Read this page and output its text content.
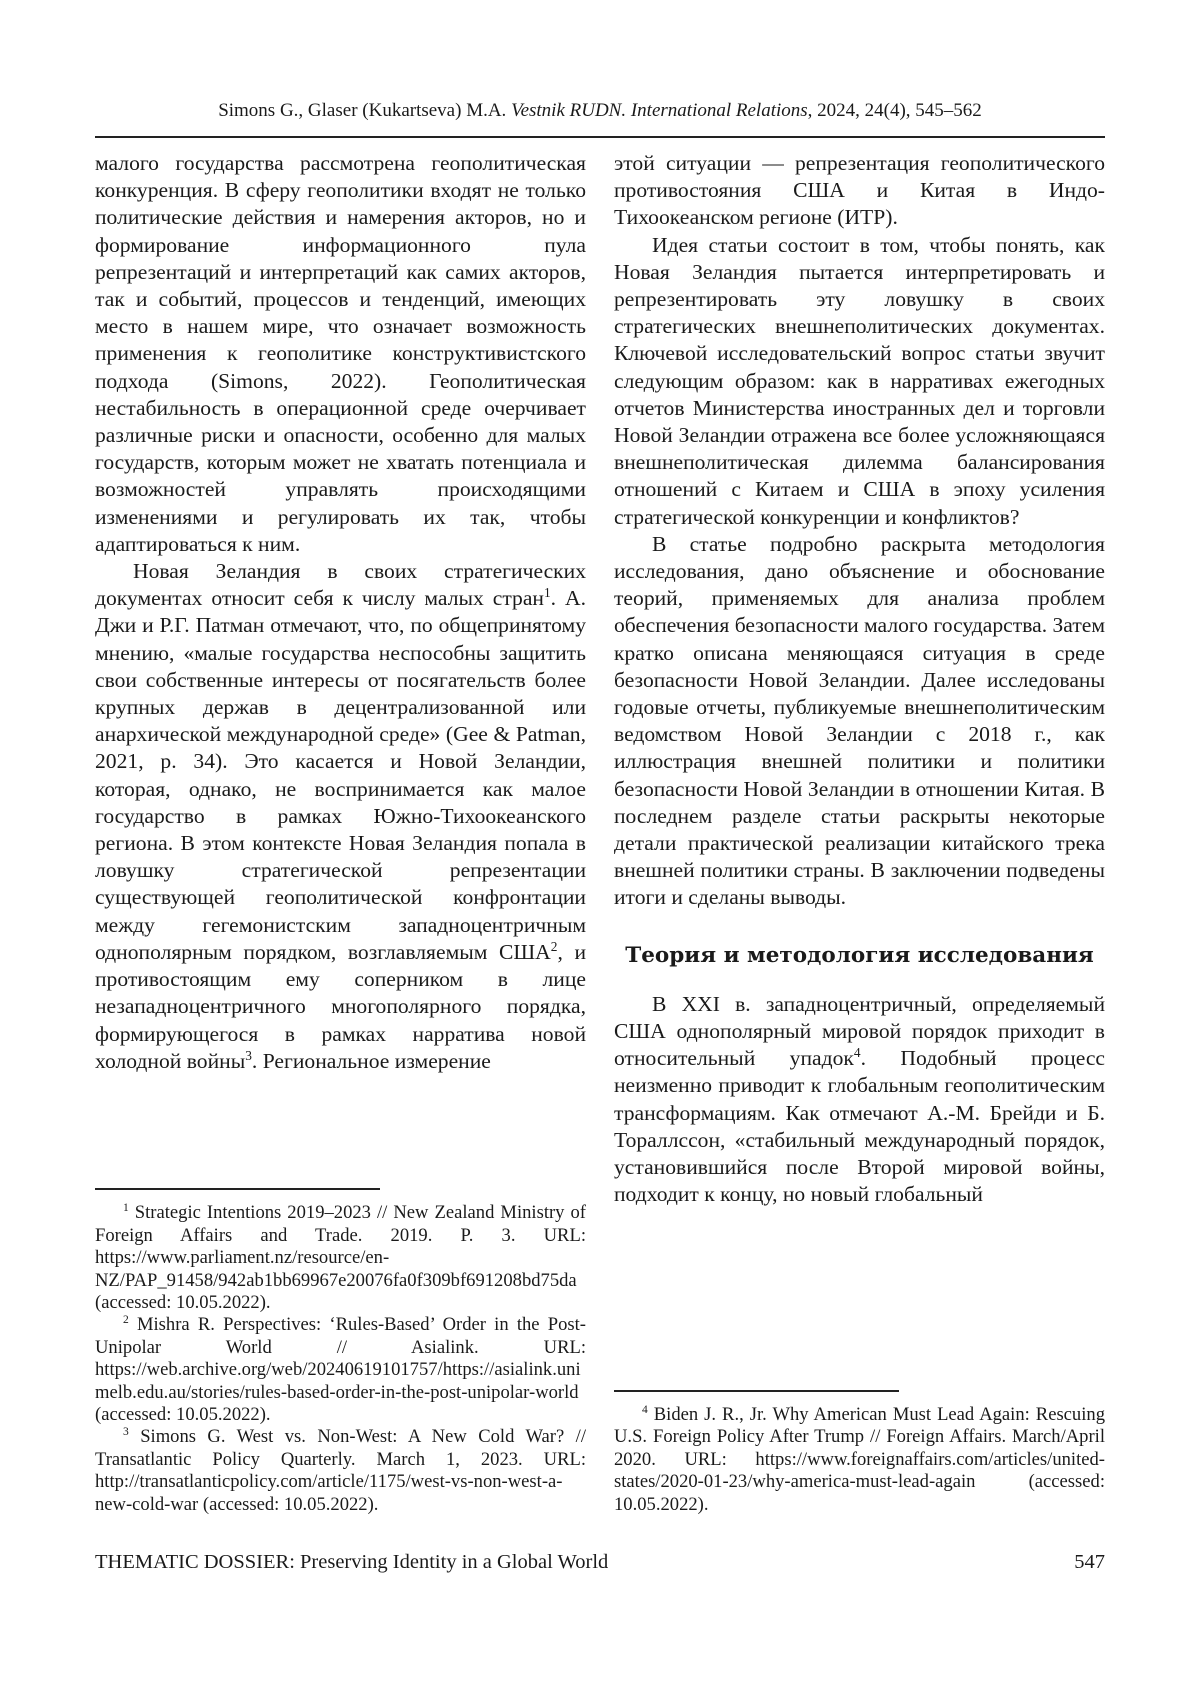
Simons G., Glaser (Kukartseva) M.A. Vestnik RUDN. International Relations, 2024, 24(4), 545–562

малого государства рассмотрена геополитическая конкуренция. В сферу геополитики входят не только политические действия и намерения акторов, но и формирование информационного пула репрезентаций и интерпретаций как самих акторов, так и событий, процессов и тенденций, имеющих место в нашем мире, что означает возможность применения к геополитике конструктивистского подхода (Simons, 2022). Геополитическая нестабильность в операционной среде очерчивает различные риски и опасности, особенно для малых государств, которым может не хватать потенциала и возможностей управлять происходящими изменениями и регулировать их так, чтобы адаптироваться к ним.

Новая Зеландия в своих стратегических документах относит себя к числу малых стран$^1$. А. Джи и Р.Г. Патман отмечают, что, по общепринятому мнению, «малые государства неспособны защитить свои собственные интересы от посягательств более крупных держав в децентрализованной или анархической международной среде» (Gee & Patman, 2021, p. 34). Это касается и Новой Зеландии, которая, однако, не воспринимается как малое государство в рамках Южно-Тихоокеанского региона. В этом контексте Новая Зеландия попала в ловушку стратегической репрезентации существующей геополитической конфронтации между гегемонистским западноцентричным однополярным порядком, возглавляемым США$^2$, и противостоящим ему соперником в лице незападноцентричного многополярного порядка, формирующегося в рамках нарратива новой холодной войны$^3$. Региональное измерение

$^1$ Strategic Intentions 2019–2023 // New Zealand Ministry of Foreign Affairs and Trade. 2019. P. 3. URL: https://www.parliament.nz/resource/en-NZ/PAP_91458/942ab1bb69967e20076fa0f309bf691208bd75da (accessed: 10.05.2022).

$^2$ Mishra R. Perspectives: ‘Rules-Based’ Order in the Post-Unipolar World // Asialink. URL: https://web.archive.org/web/20240619101757/https://asialink.unimelb.edu.au/stories/rules-based-order-in-the-post-unipolar-world (accessed: 10.05.2022).

$^3$ Simons G. West vs. Non-West: A New Cold War? // Transatlantic Policy Quarterly. March 1, 2023. URL: http://transatlanticpolicy.com/article/1175/west-vs-non-west-a-new-cold-war (accessed: 10.05.2022).

этой ситуации — репрезентация геополитического противостояния США и Китая в Индо-Тихоокеанском регионе (ИТР).

Идея статьи состоит в том, чтобы понять, как Новая Зеландия пытается интерпретировать и репрезентировать эту ловушку в своих стратегических внешнеполитических документах. Ключевой исследовательский вопрос статьи звучит следующим образом: как в нарративах ежегодных отчетов Министерства иностранных дел и торговли Новой Зеландии отражена все более усложняющаяся внешнеполитическая дилемма балансирования отношений с Китаем и США в эпоху усиления стратегической конкуренции и конфликтов?

В статье подробно раскрыта методология исследования, дано объяснение и обоснование теорий, применяемых для анализа проблем обеспечения безопасности малого государства. Затем кратко описана меняющаяся ситуация в среде безопасности Новой Зеландии. Далее исследованы годовые отчеты, публикуемые внешнеполитическим ведомством Новой Зеландии с 2018 г., как иллюстрация внешней политики и политики безопасности Новой Зеландии в отношении Китая. В последнем разделе статьи раскрыты некоторые детали практической реализации китайского трека внешней политики страны. В заключении подведены итоги и сделаны выводы.

Теория и методология исследования

В XXI в. западноцентричный, определяемый США однополярный мировой порядок приходит в относительный упадок$^4$. Подобный процесс неизменно приводит к глобальным геополитическим трансформациям. Как отмечают А.-М. Брейди и Б. Тораллссон, «стабильный международный порядок, установившийся после Второй мировой войны, подходит к концу, но новый глобальный

$^4$ Biden J. R., Jr. Why American Must Lead Again: Rescuing U.S. Foreign Policy After Trump // Foreign Affairs. March/April 2020. URL: https://www.foreignaffairs.com/articles/united-states/2020-01-23/why-america-must-lead-again (accessed: 10.05.2022).

THEMATIC DOSSIER: Preserving Identity in a Global World	547
